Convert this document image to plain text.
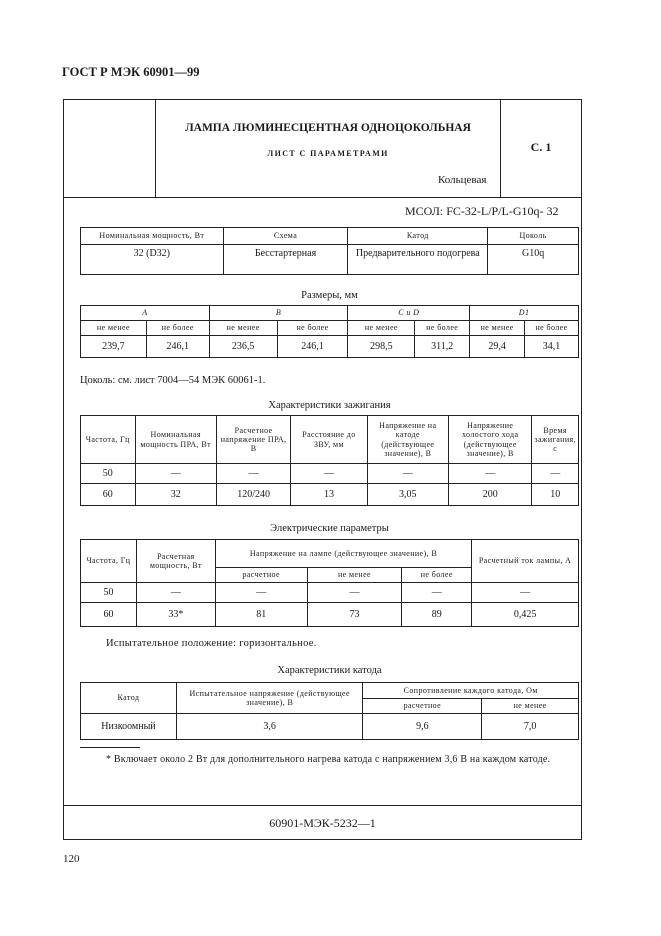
ГОСТ Р МЭК 60901—99
ЛАМПА ЛЮМИНЕСЦЕНТНАЯ ОДНОЦОКОЛЬНАЯ
ЛИСТ С ПАРАМЕТРАМИ
Кольцевая
С. 1
МСОЛ: FC-32-L/P/L-G10q- 32
60901-МЭК-5232—1
Номинальная мощность, Вт	Схема	Катод	Цоколь
32 (D32)	Бесстартерная	Предварительного подогрева	G10q
Размеры, мм
A		B		C и D		D1	
не менее	не более	не менее	не более	не менее	не более	не менее	не более
239,7	246,1	236,5	246,1	298,5	311,2	29,4	34,1
Цоколь: см. лист 7004—54 МЭК 60061-1.
Характеристики зажигания
Частота, Гц	Номинальная мощность ПРА, Вт	Расчетное напряжение ПРА, В	Расстояние до ЗВУ, мм	Напряжение на катоде (действующее значение), В	Напряжение холостого хода (действующее значение), В	Время зажигания, с
50	—	—	—	—	—	—
60	32	120/240	13	3,05	200	10
Электрические параметры
Частота, Гц	Расчетная мощность, Вт	Напряжение на лампе (действующее значение), В			Расчетный ток лампы, А
		расчетное	не менее	не более	
50	—	—	—	—	—
60	33*	81	73	89	0,425
Испытательное положение: горизонтальное.
Характеристики катода
Катод	Испытательное напряжение (действующее значение), В	Сопротивление каждого катода, Ом	
		расчетное	не менее
Низкоомный	3,6	9,6	7,0
* Включает около 2 Вт для дополнительного нагрева катода с напряжением 3,6 В на каждом катоде.
120
